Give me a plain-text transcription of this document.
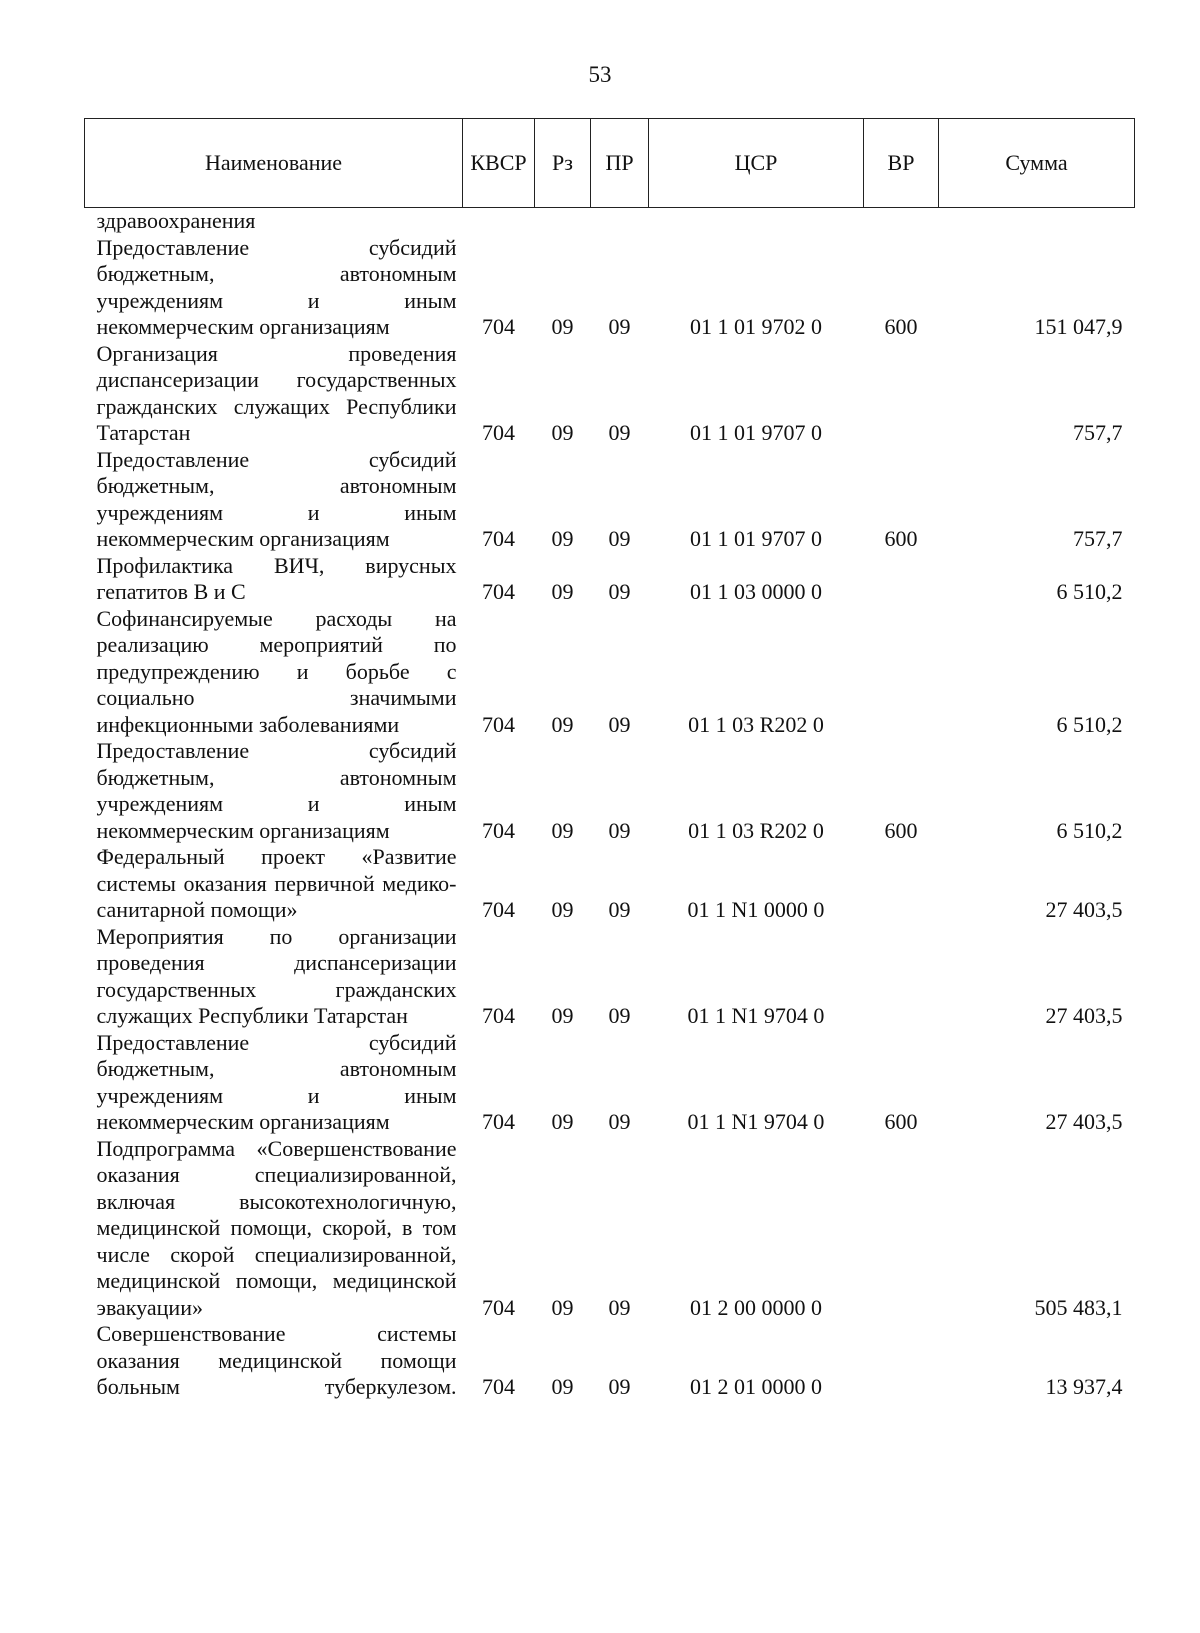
53
Наименование	КВСР	Рз	ПР	ЦСР	ВР	Сумма
здравоохранения						
Предоставление субсидий бюджетным, автономным учреждениям и иным некоммерческим организациям	704	09	09	01 1 01 9702 0	600	151 047,9
Организация проведения диспансеризации государственных гражданских служащих Республики Татарстан	704	09	09	01 1 01 9707 0		757,7
Предоставление субсидий бюджетным, автономным учреждениям и иным некоммерческим организациям	704	09	09	01 1 01 9707 0	600	757,7
Профилактика ВИЧ, вирусных гепатитов В и С	704	09	09	01 1 03 0000 0		6 510,2
Софинансируемые расходы на реализацию мероприятий по предупреждению и борьбе с социально значимыми инфекционными заболеваниями	704	09	09	01 1 03 R202 0		6 510,2
Предоставление субсидий бюджетным, автономным учреждениям и иным некоммерческим организациям	704	09	09	01 1 03 R202 0	600	6 510,2
Федеральный проект «Развитие системы оказания первичной медико-санитарной помощи»	704	09	09	01 1 N1 0000 0		27 403,5
Мероприятия по организации проведения диспансеризации государственных гражданских служащих Республики Татарстан	704	09	09	01 1 N1 9704 0		27 403,5
Предоставление субсидий бюджетным, автономным учреждениям и иным некоммерческим организациям	704	09	09	01 1 N1 9704 0	600	27 403,5
Подпрограмма «Совершенствование оказания специализированной, включая высокотехнологичную, медицинской помощи, скорой, в том числе скорой специализированной, медицинской помощи, медицинской эвакуации»	704	09	09	01 2 00 0000 0		505 483,1
Совершенствование системы оказания медицинской помощи больным туберкулезом.	704	09	09	01 2 01 0000 0		13 937,4
